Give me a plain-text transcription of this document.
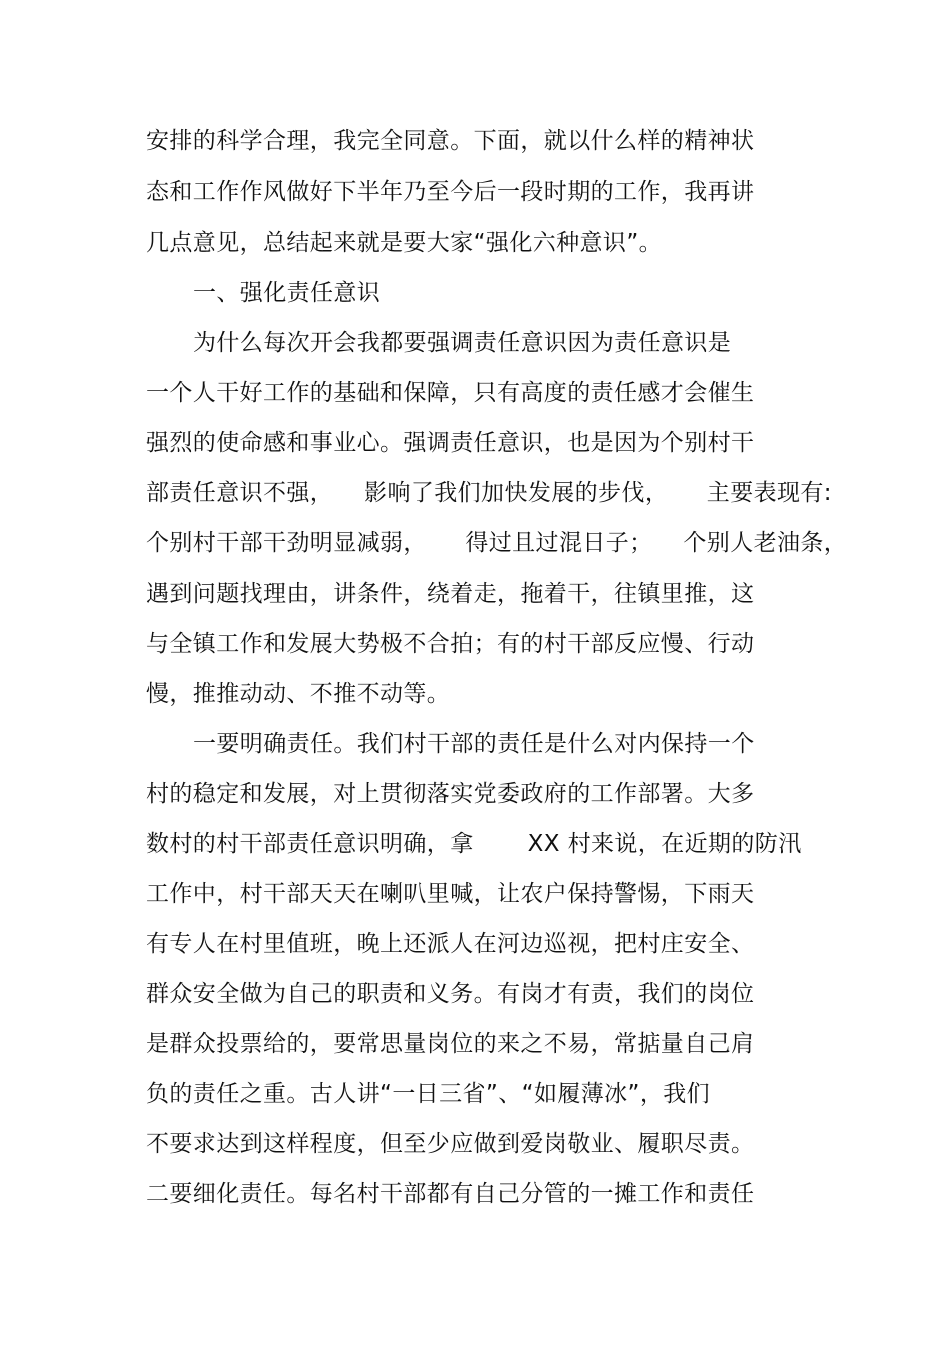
安排的科学合理，我完全同意。下面，就以什么样的精神状
态和工作作风做好下半年乃至今后一段时期的工作，我再讲
几点意见，总结起来就是要大家“强化六种意识”。
一、强化责任意识
为什么每次开会我都要强调责任意识因为责任意识是
一个人干好工作的基础和保障，只有高度的责任感才会催生
强烈的使命感和事业心。强调责任意识，也是因为个别村干
部责任意识不强，    影响了我们加快发展的步伐，     主要表现有:
个别村干部干劲明显减弱，     得过且过混日子；    个别人老油条，
遇到问题找理由，讲条件，绕着走，拖着干，往镇里推，这
与全镇工作和发展大势极不合拍；有的村干部反应慢、行动
慢，推推动动、不推不动等。
一要明确责任。我们村干部的责任是什么对内保持一个
村的稳定和发展，对上贯彻落实党委政府的工作部署。大多
数村的村干部责任意识明确，拿       XX 村来说，在近期的防汛
工作中，村干部天天在喇叭里喊，让农户保持警惕，下雨天
有专人在村里值班，晚上还派人在河边巡视，把村庄安全、
群众安全做为自己的职责和义务。有岗才有责，我们的岗位
是群众投票给的，要常思量岗位的来之不易，常掂量自己肩
负的责任之重。古人讲“一日三省”、“如履薄冰”，我们
不要求达到这样程度，但至少应做到爱岗敬业、履职尽责。
二要细化责任。每名村干部都有自己分管的一摊工作和责任
